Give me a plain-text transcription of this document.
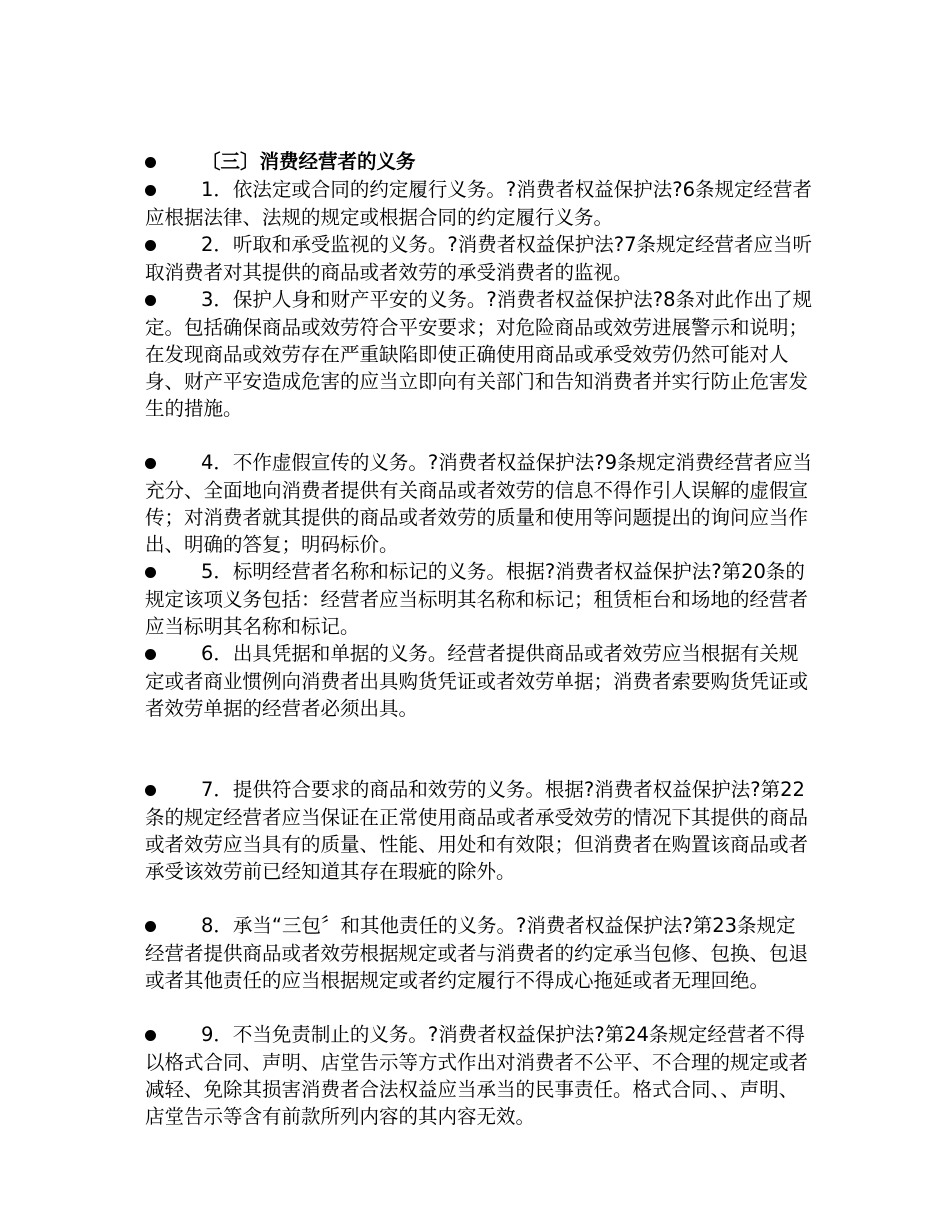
〔三〕消费经营者的义务
1．依法定或合同的约定履行义务。?消费者权益保护法?6条规定经营者应根据法律、法规的规定或根据合同的约定履行义务。
2．听取和承受监视的义务。?消费者权益保护法?7条规定经营者应当听取消费者对其提供的商品或者效劳的承受消费者的监视。
3．保护人身和财产平安的义务。?消费者权益保护法?8条对此作出了规定。包括确保商品或效劳符合平安要求；对危险商品或效劳进展警示和说明；在发现商品或效劳存在严重缺陷即使正确使用商品或承受效劳仍然可能对人身、财产平安造成危害的应当立即向有关部门和告知消费者并实行防止危害发生的措施。
4．不作虚假宣传的义务。?消费者权益保护法?9条规定消费经营者应当充分、全面地向消费者提供有关商品或者效劳的信息不得作引人误解的虚假宣传；对消费者就其提供的商品或者效劳的质量和使用等问题提出的询问应当作出、明确的答复；明码标价。
5．标明经营者名称和标记的义务。根据?消费者权益保护法?第20条的规定该项义务包括：经营者应当标明其名称和标记；租赁柜台和场地的经营者应当标明其名称和标记。
6．出具凭据和单据的义务。经营者提供商品或者效劳应当根据有关规定或者商业惯例向消费者出具购货凭证或者效劳单据；消费者索要购货凭证或者效劳单据的经营者必须出具。
7．提供符合要求的商品和效劳的义务。根据?消费者权益保护法?第22条的规定经营者应当保证在正常使用商品或者承受效劳的情况下其提供的商品或者效劳应当具有的质量、性能、用处和有效限；但消费者在购置该商品或者承受该效劳前已经知道其存在瑕疵的除外。
8．承当“三包〞和其他责任的义务。?消费者权益保护法?第23条规定经营者提供商品或者效劳根据规定或者与消费者的约定承当包修、包换、包退或者其他责任的应当根据规定或者约定履行不得成心拖延或者无理回绝。
9．不当免责制止的义务。?消费者权益保护法?第24条规定经营者不得以格式合同、声明、店堂告示等方式作出对消费者不公平、不合理的规定或者减轻、免除其损害消费者合法权益应当承当的民事责任。格式合同、、声明、店堂告示等含有前款所列内容的其内容无效。
